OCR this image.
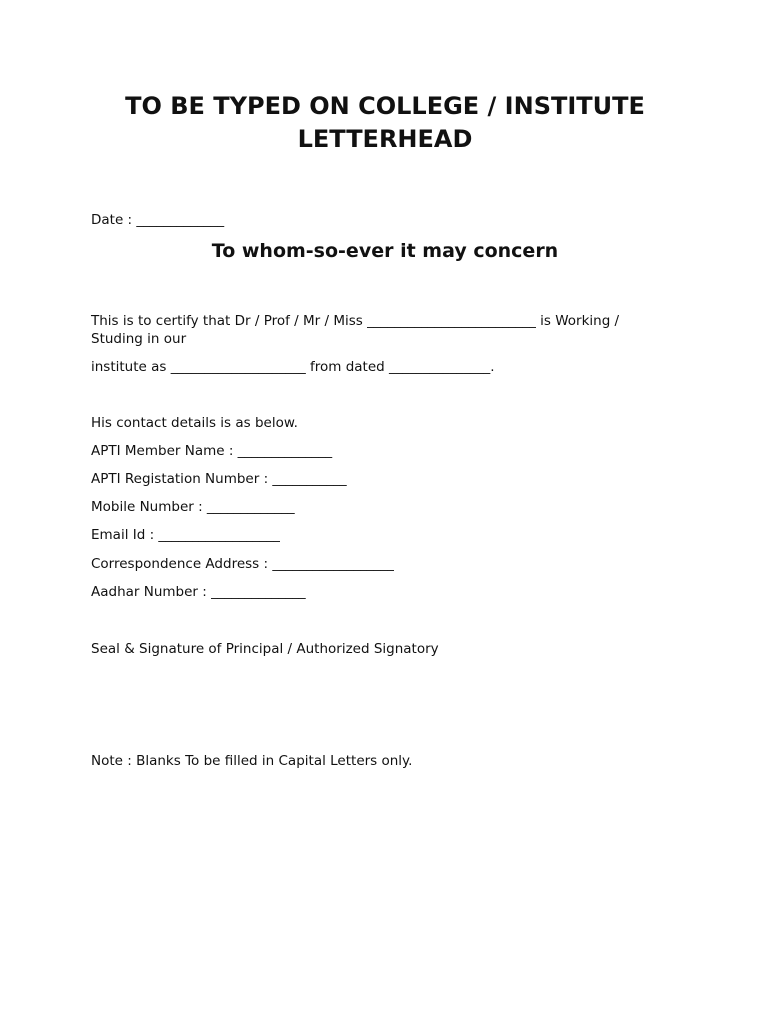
TO BE TYPED ON COLLEGE / INSTITUTE
LETTERHEAD

Date : _____________

To whom-so-ever it may concern

This is to certify that Dr / Prof / Mr / Miss _________________________ is Working /

Studing in our

institute as ____________________ from dated _______________.

His contact details is as below.

APTI Member Name : ______________

APTI Registation Number : ___________

Mobile Number : _____________

Email Id : __________________

Correspondence Address : __________________

Aadhar Number : ______________

Seal & Signature of Principal / Authorized Signatory

Note : Blanks To be filled in Capital Letters only.
